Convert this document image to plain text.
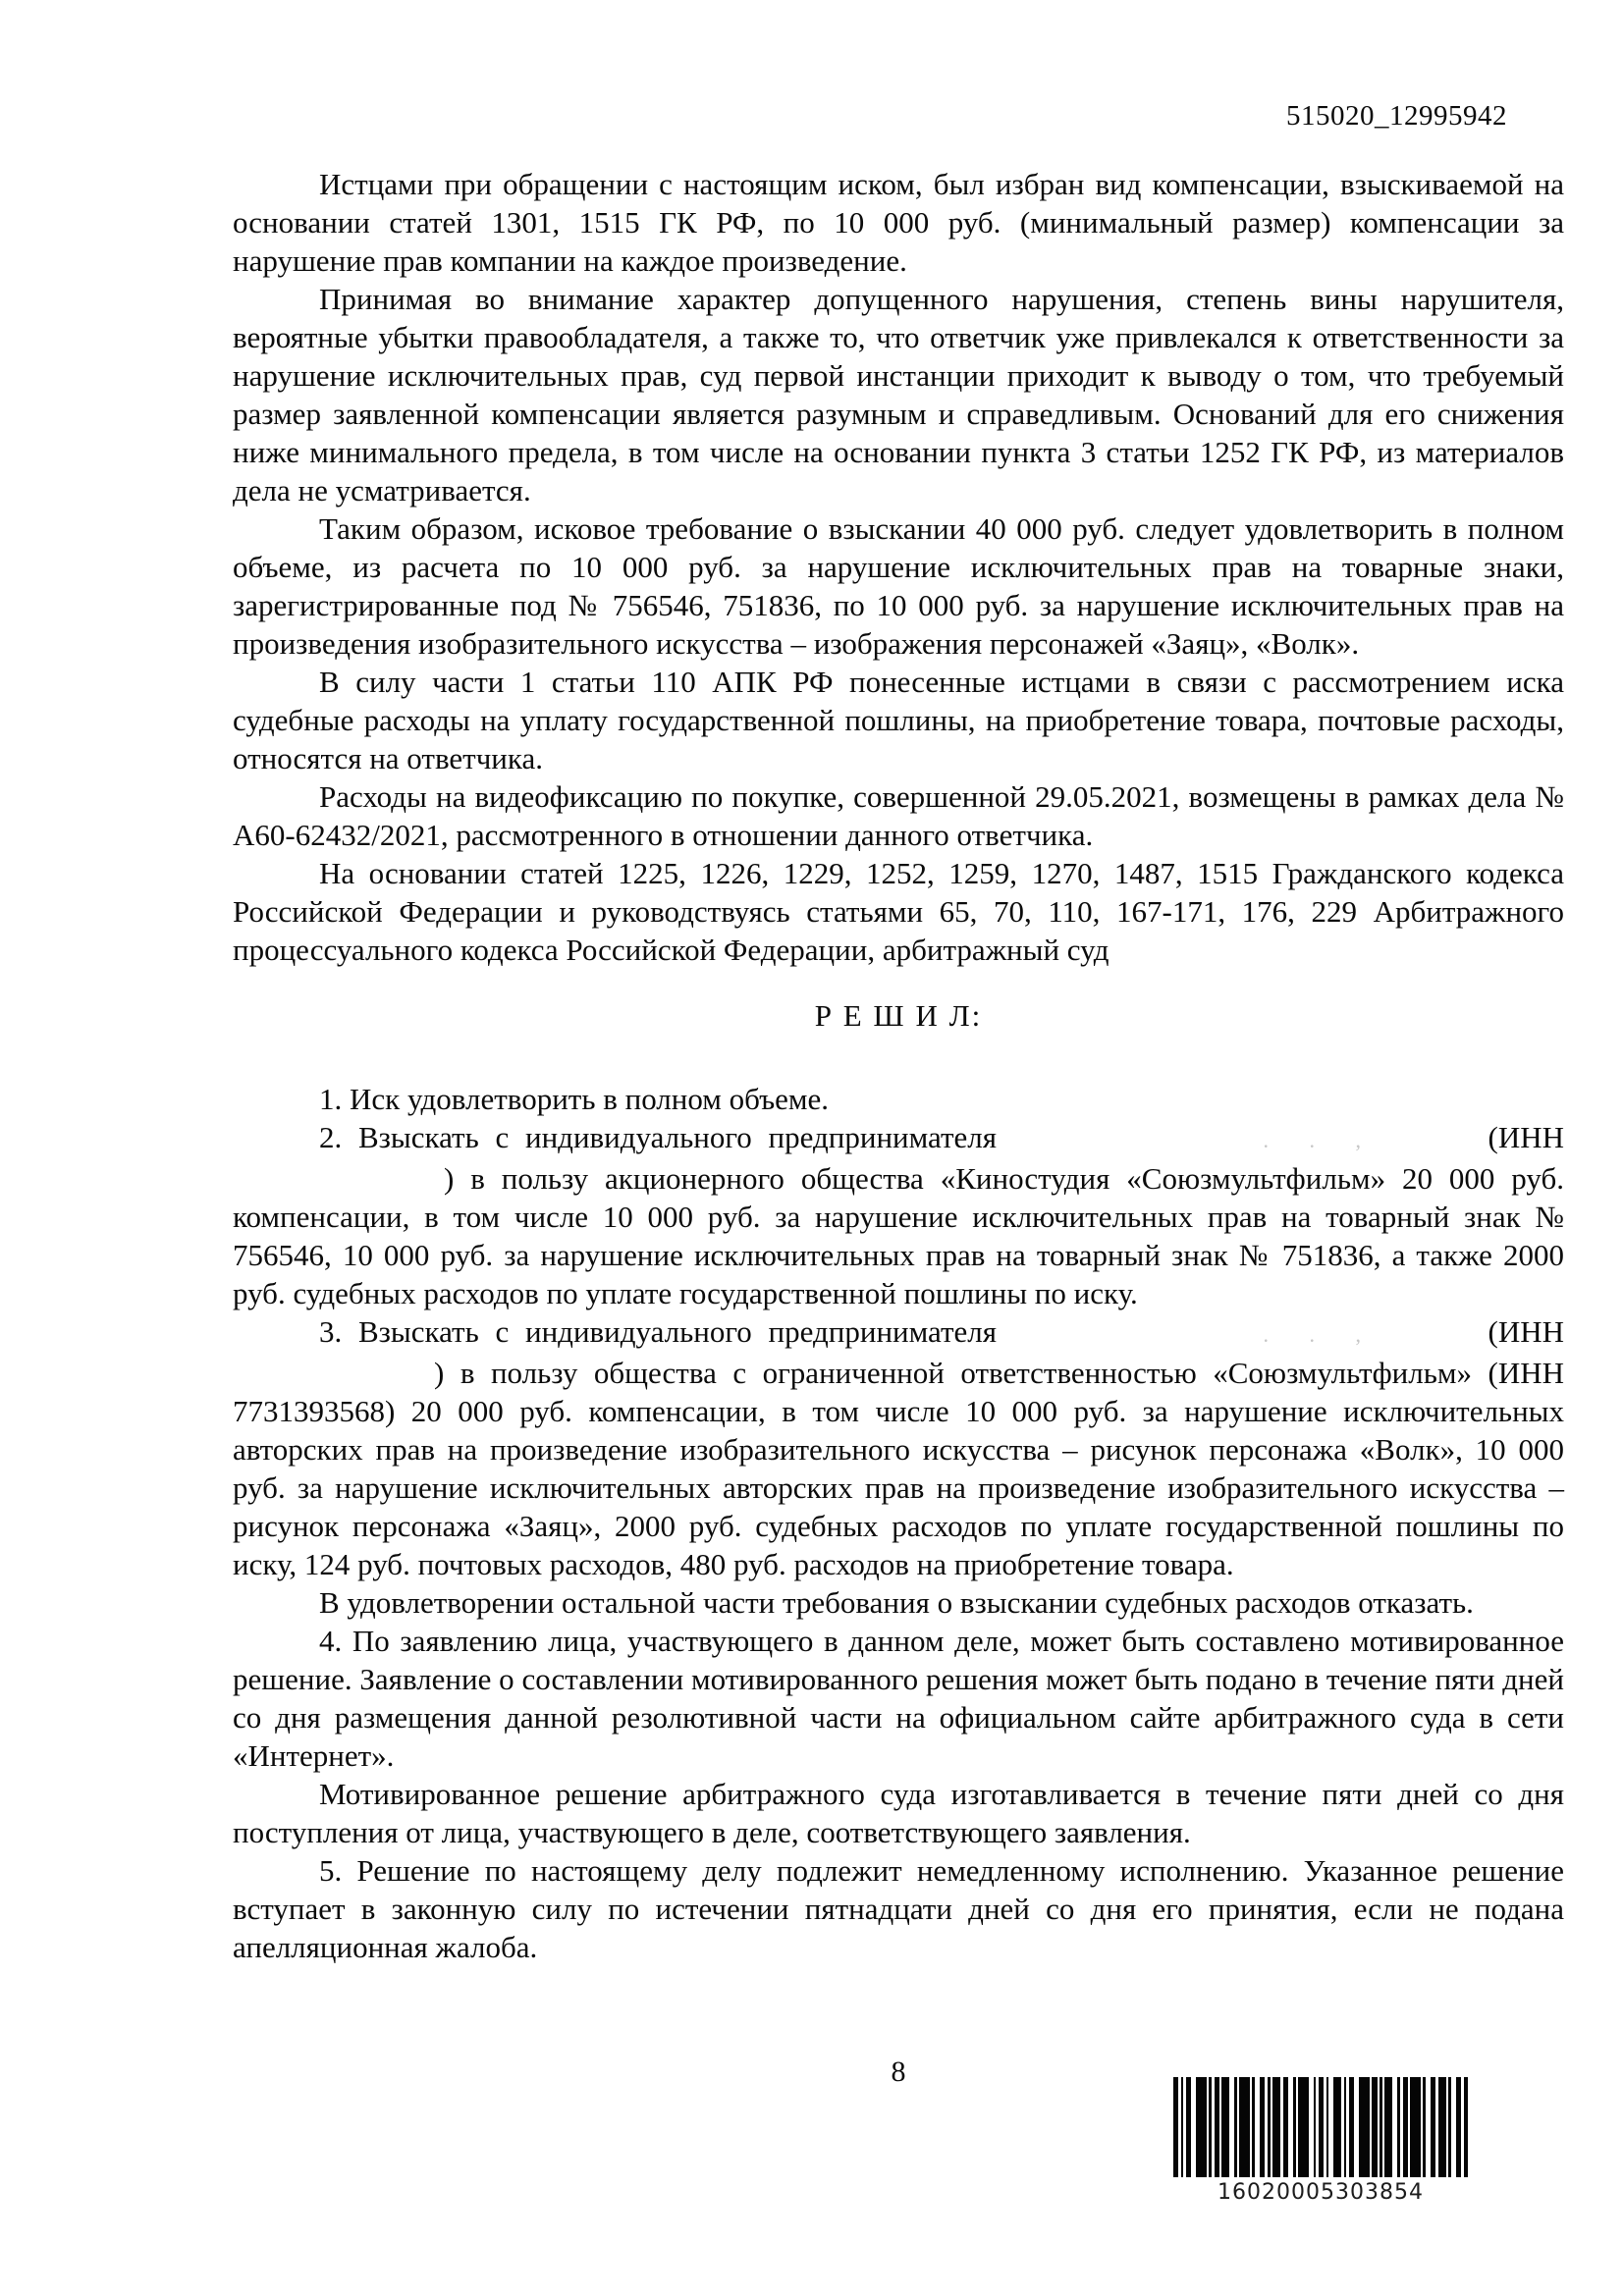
515020_12995942

Истцами при обращении с настоящим иском, был избран вид компенсации, взыскиваемой на основании статей 1301, 1515 ГК РФ, по 10 000 руб. (минимальный размер) компенсации за нарушение прав компании на каждое произведение.

Принимая во внимание характер допущенного нарушения, степень вины нарушителя, вероятные убытки правообладателя, а также то, что ответчик уже привлекался к ответственности за нарушение исключительных прав, суд первой инстанции приходит к выводу о том, что требуемый размер заявленной компенсации является разумным и справедливым. Оснований для его снижения ниже минимального предела, в том числе на основании пункта 3 статьи 1252 ГК РФ, из материалов дела не усматривается.

Таким образом, исковое требование о взыскании 40 000 руб. следует удовлетворить в полном объеме, из расчета по 10 000 руб. за нарушение исключительных прав на товарные знаки, зарегистрированные под № 756546, 751836, по 10 000 руб. за нарушение исключительных прав на произведения изобразительного искусства – изображения персонажей «Заяц», «Волк».

В силу части 1 статьи 110 АПК РФ понесенные истцами в связи с рассмотрением иска судебные расходы на уплату государственной пошлины, на приобретение товара, почтовые расходы, относятся на ответчика.

Расходы на видеофиксацию по покупке, совершенной 29.05.2021, возмещены в рамках дела № А60-62432/2021, рассмотренного в отношении данного ответчика.

На основании статей 1225, 1226, 1229, 1252, 1259, 1270, 1487, 1515 Гражданского кодекса Российской Федерации и руководствуясь статьями 65, 70, 110, 167-171, 176, 229 Арбитражного процессуального кодекса Российской Федерации, арбитражный суд

Р Е Ш И Л:

1. Иск удовлетворить в полном объеме.

2. Взыскать с индивидуального предпринимателя	. . ,	(ИНН

) в пользу акционерного общества «Киностудия «Союзмультфильм» 20 000 руб. компенсации, в том числе 10 000 руб. за нарушение исключительных прав на товарный знак № 756546, 10 000 руб. за нарушение исключительных прав на товарный знак № 751836, а также 2000 руб. судебных расходов по уплате государственной пошлины по иску.

3. Взыскать с индивидуального предпринимателя	. . ,	(ИНН

) в пользу общества с ограниченной ответственностью «Союзмультфильм» (ИНН 7731393568) 20 000 руб. компенсации, в том числе 10 000 руб. за нарушение исключительных авторских прав на произведение изобразительного искусства – рисунок персонажа «Волк», 10 000 руб. за нарушение исключительных авторских прав на произведение изобразительного искусства – рисунок персонажа «Заяц», 2000 руб. судебных расходов по уплате государственной пошлины по иску, 124 руб. почтовых расходов, 480 руб. расходов на приобретение товара.

В удовлетворении остальной части требования о взыскании судебных расходов отказать.

4. По заявлению лица, участвующего в данном деле, может быть составлено мотивированное решение. Заявление о составлении мотивированного решения может быть подано в течение пяти дней со дня размещения данной резолютивной части на официальном сайте арбитражного суда в сети «Интернет».

Мотивированное решение арбитражного суда изготавливается в течение пяти дней со дня поступления от лица, участвующего в деле, соответствующего заявления.

5. Решение по настоящему делу подлежит немедленному исполнению. Указанное решение вступает в законную силу по истечении пятнадцати дней со дня его принятия, если не подана апелляционная жалоба.

8
16020005303854
